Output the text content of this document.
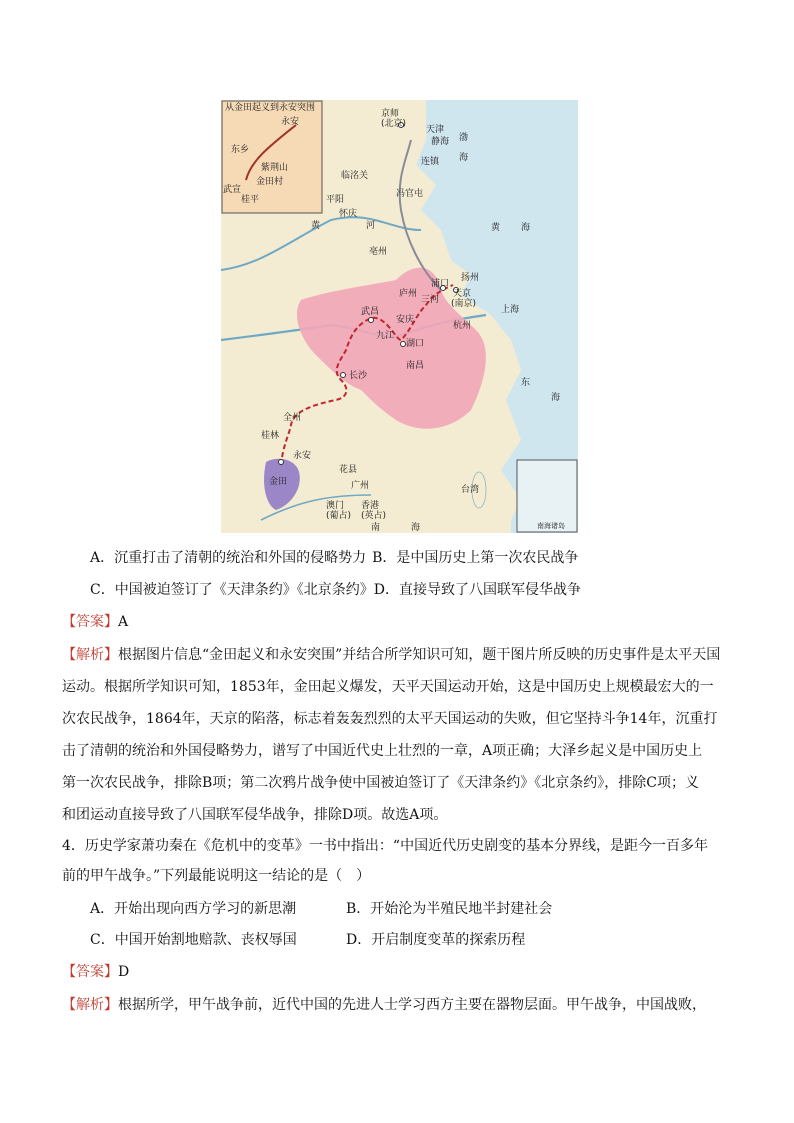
从金田起义到永安突围
永安
东乡
紫荆山
金田村
武宣
桂平
京师
(北京)
天津
静海 渤
海
连镇
临洺关
冯官屯
平阳
怀庆
黄	河
亳州
黄 海
扬州
浦口
庐州
三河
天京
(南京)
上海
武昌
安庆
杭州
九江
湖口
南昌
长沙
东
海
全州
桂林
永安
金田
花县
广州	台湾
澳门
(葡占)
香港
(英占)
南	海	南海诸岛
A．沉重打击了清朝的统治和外国的侵略势力 B．是中国历史上第一次农民战争
C．中国被迫签订了《天津条约》《北京条约》D．直接导致了八国联军侵华战争
【答案】A
【解析】根据图片信息“金田起义和永安突围”并结合所学知识可知，题干图片所反映的历史事件是太平天国
运动。根据所学知识可知，1853年，金田起义爆发，天平天国运动开始，这是中国历史上规模最宏大的一
次农民战争，1864年，天京的陷落，标志着轰轰烈烈的太平天国运动的失败，但它坚持斗争14年，沉重打
击了清朝的统治和外国侵略势力，谱写了中国近代史上壮烈的一章，A项正确；大泽乡起义是中国历史上
第一次农民战争，排除B项；第二次鸦片战争使中国被迫签订了《天津条约》《北京条约》，排除C项；义
和团运动直接导致了八国联军侵华战争，排除D项。故选A项。
4．历史学家萧功秦在《危机中的变革》一书中指出：“中国近代历史剧变的基本分界线，是距今一百多年
前的甲午战争。”下列最能说明这一结论的是（　）
A．开始出现向西方学习的新思潮	B．开始沦为半殖民地半封建社会
C．中国开始割地赔款、丧权辱国	D．开启制度变革的探索历程
【答案】D
【解析】根据所学，甲午战争前，近代中国的先进人士学习西方主要在器物层面。甲午战争，中国战败，
